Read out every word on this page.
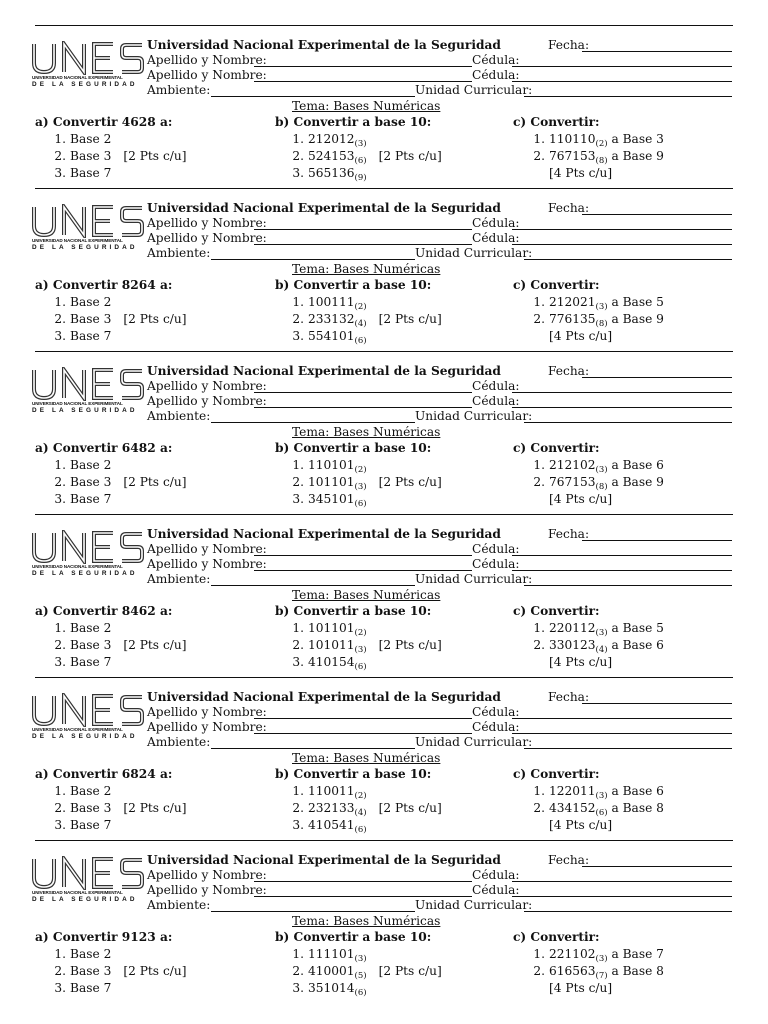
UNIVERSIDAD NACIONAL EXPERIMENTAL
DE LA SEGURIDAD
Universidad Nacional Experimental de la Seguridad	Fecha:
Apellido y Nombre:	Cédula:
Apellido y Nombre:	Cédula:
Ambiente:	Unidad Curricular:
Tema: Bases Numéricas
a) Convertir 4628 a:
1. Base 2
2. Base 3 [2 Pts c/u]
3. Base 7
b) Convertir a base 10:
1. $212012_{(3)}$
2. $524153_{(6)}$ [2 Pts c/u]
3. $565136_{(9)}$
c) Convertir:
1. $110110_{(2)}$ a Base 3
2. $767153_{(8)}$ a Base 9
[4 Pts c/u]
UNIVERSIDAD NACIONAL EXPERIMENTAL
DE LA SEGURIDAD
Universidad Nacional Experimental de la Seguridad	Fecha:
Apellido y Nombre:	Cédula:
Apellido y Nombre:	Cédula:
Ambiente:	Unidad Curricular:
Tema: Bases Numéricas
a) Convertir 8264 a:
1. Base 2
2. Base 3 [2 Pts c/u]
3. Base 7
b) Convertir a base 10:
1. $100111_{(2)}$
2. $233132_{(4)}$ [2 Pts c/u]
3. $554101_{(6)}$
c) Convertir:
1. $212021_{(3)}$ a Base 5
2. $776135_{(8)}$ a Base 9
[4 Pts c/u]
UNIVERSIDAD NACIONAL EXPERIMENTAL
DE LA SEGURIDAD
Universidad Nacional Experimental de la Seguridad	Fecha:
Apellido y Nombre:	Cédula:
Apellido y Nombre:	Cédula:
Ambiente:	Unidad Curricular:
Tema: Bases Numéricas
a) Convertir 6482 a:
1. Base 2
2. Base 3 [2 Pts c/u]
3. Base 7
b) Convertir a base 10:
1. $110101_{(2)}$
2. $101101_{(3)}$ [2 Pts c/u]
3. $345101_{(6)}$
c) Convertir:
1. $212102_{(3)}$ a Base 6
2. $767153_{(8)}$ a Base 9
[4 Pts c/u]
UNIVERSIDAD NACIONAL EXPERIMENTAL
DE LA SEGURIDAD
Universidad Nacional Experimental de la Seguridad	Fecha:
Apellido y Nombre:	Cédula:
Apellido y Nombre:	Cédula:
Ambiente:	Unidad Curricular:
Tema: Bases Numéricas
a) Convertir 8462 a:
1. Base 2
2. Base 3 [2 Pts c/u]
3. Base 7
b) Convertir a base 10:
1. $101101_{(2)}$
2. $101011_{(3)}$ [2 Pts c/u]
3. $410154_{(6)}$
c) Convertir:
1. $220112_{(3)}$ a Base 5
2. $330123_{(4)}$ a Base 6
[4 Pts c/u]
UNIVERSIDAD NACIONAL EXPERIMENTAL
DE LA SEGURIDAD
Universidad Nacional Experimental de la Seguridad	Fecha:
Apellido y Nombre:	Cédula:
Apellido y Nombre:	Cédula:
Ambiente:	Unidad Curricular:
Tema: Bases Numéricas
a) Convertir 6824 a:
1. Base 2
2. Base 3 [2 Pts c/u]
3. Base 7
b) Convertir a base 10:
1. $110011_{(2)}$
2. $232133_{(4)}$ [2 Pts c/u]
3. $410541_{(6)}$
c) Convertir:
1. $122011_{(3)}$ a Base 6
2. $434152_{(6)}$ a Base 8
[4 Pts c/u]
UNIVERSIDAD NACIONAL EXPERIMENTAL
DE LA SEGURIDAD
Universidad Nacional Experimental de la Seguridad	Fecha:
Apellido y Nombre:	Cédula:
Apellido y Nombre:	Cédula:
Ambiente:	Unidad Curricular:
Tema: Bases Numéricas
a) Convertir 9123 a:
1. Base 2
2. Base 3 [2 Pts c/u]
3. Base 7
b) Convertir a base 10:
1. $111101_{(3)}$
2. $410001_{(5)}$ [2 Pts c/u]
3. $351014_{(6)}$
c) Convertir:
1. $221102_{(3)}$ a Base 7
2. $616563_{(7)}$ a Base 8
[4 Pts c/u]
